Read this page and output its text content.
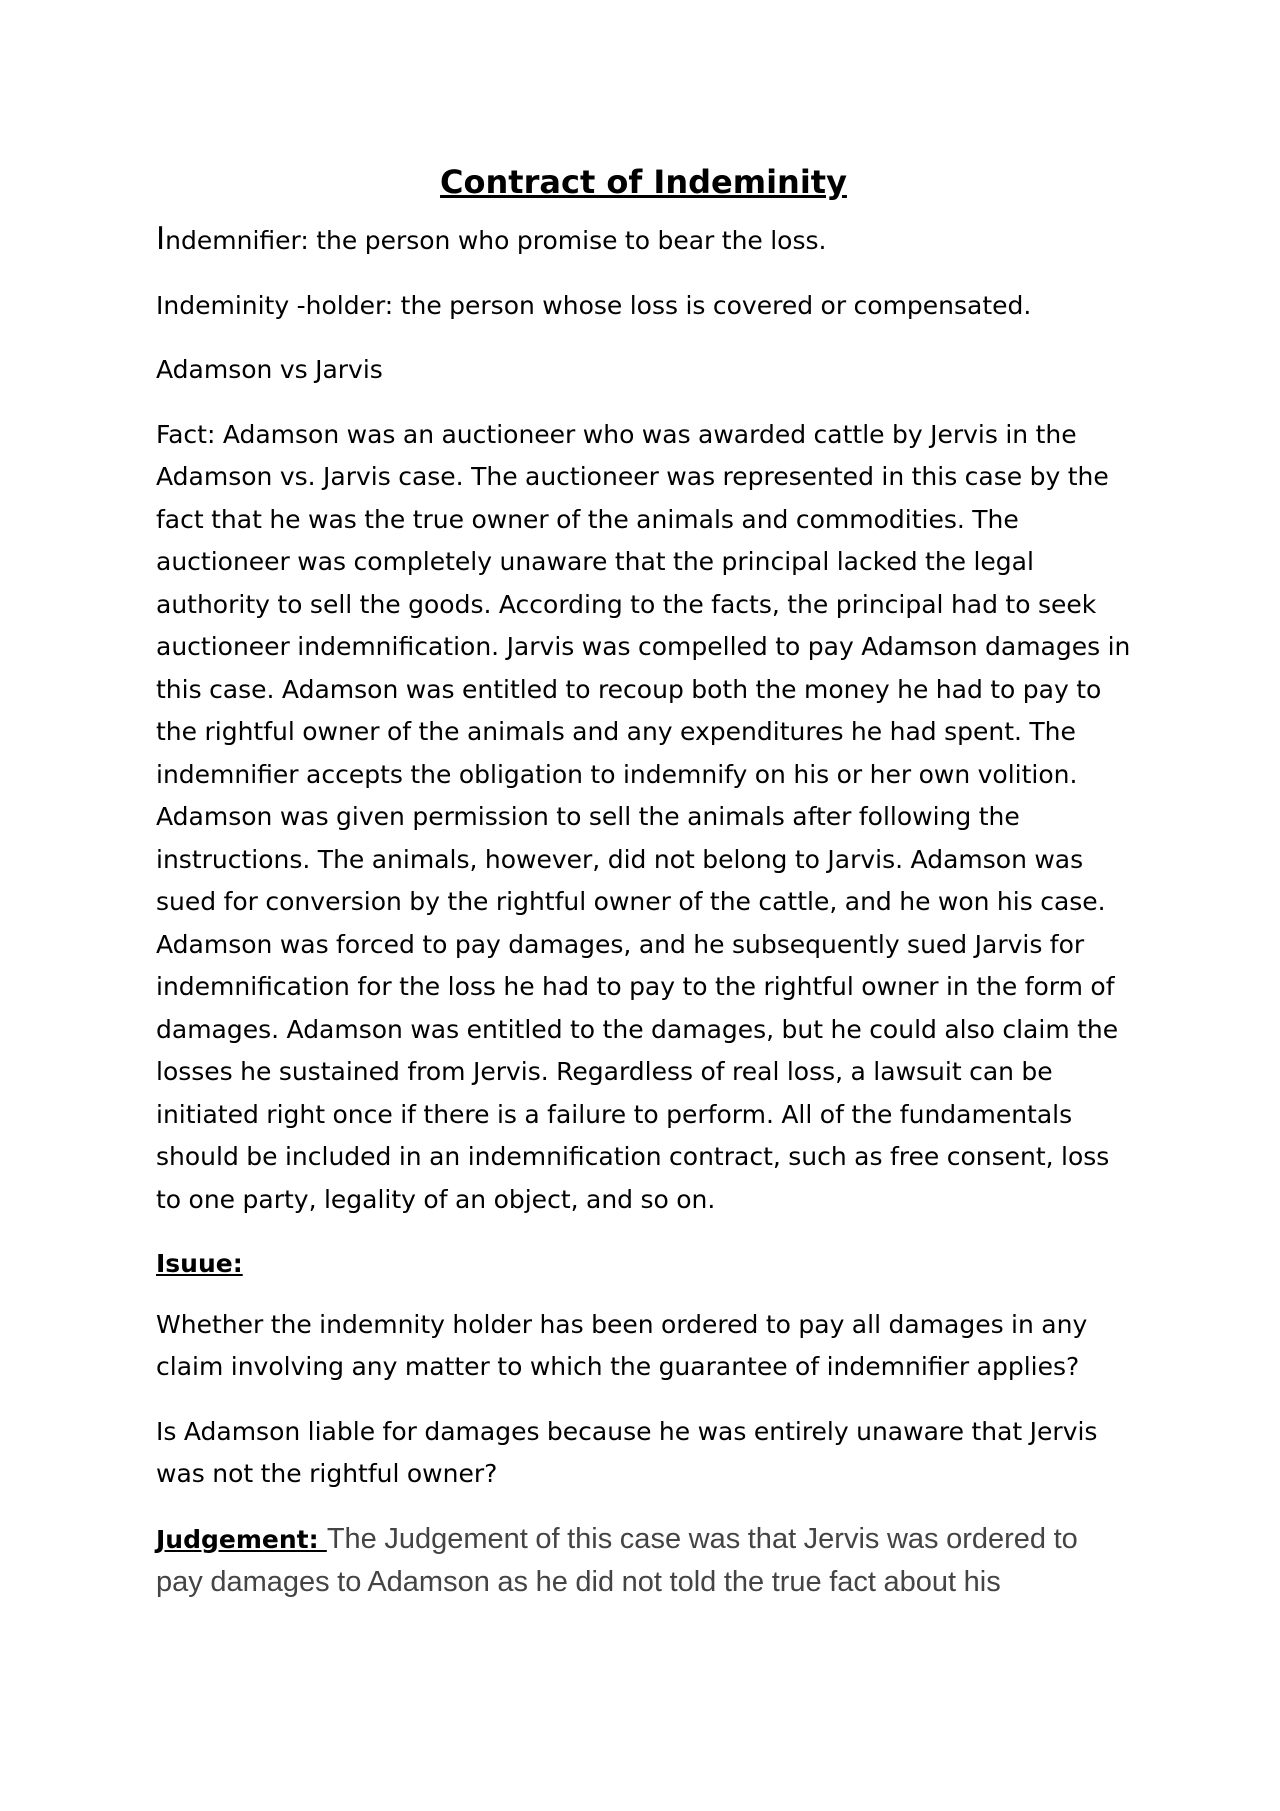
Contract of Indeminity

Indemnifier: the person who promise to bear the loss.

Indeminity -holder: the person whose loss is covered or compensated.

Adamson vs Jarvis

Fact: Adamson was an auctioneer who was awarded cattle by Jervis in the Adamson vs. Jarvis case. The auctioneer was represented in this case by the fact that he was the true owner of the animals and commodities. The auctioneer was completely unaware that the principal lacked the legal authority to sell the goods. According to the facts, the principal had to seek auctioneer indemnification. Jarvis was compelled to pay Adamson damages in this case. Adamson was entitled to recoup both the money he had to pay to the rightful owner of the animals and any expenditures he had spent. The indemnifier accepts the obligation to indemnify on his or her own volition. Adamson was given permission to sell the animals after following the instructions. The animals, however, did not belong to Jarvis. Adamson was sued for conversion by the rightful owner of the cattle, and he won his case. Adamson was forced to pay damages, and he subsequently sued Jarvis for indemnification for the loss he had to pay to the rightful owner in the form of damages. Adamson was entitled to the damages, but he could also claim the losses he sustained from Jervis. Regardless of real loss, a lawsuit can be initiated right once if there is a failure to perform. All of the fundamentals should be included in an indemnification contract, such as free consent, loss to one party, legality of an object, and so on.

Isuue:

Whether the indemnity holder has been ordered to pay all damages in any claim involving any matter to which the guarantee of indemnifier applies?

Is Adamson liable for damages because he was entirely unaware that Jervis was not the rightful owner?

Judgement: The Judgement of this case was that Jervis was ordered to pay damages to Adamson as he did not told the true fact about his
